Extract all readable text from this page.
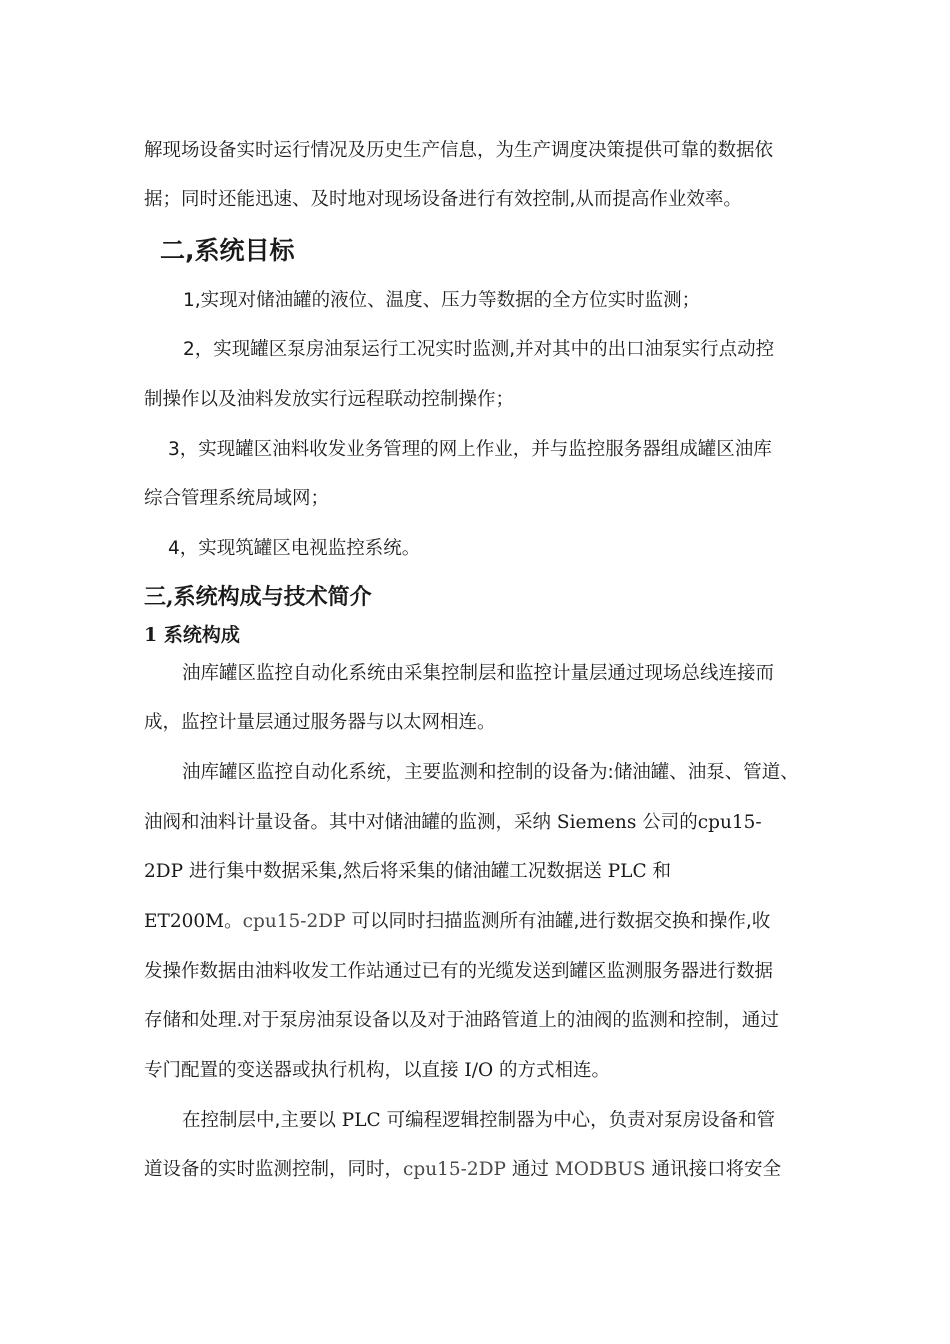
解现场设备实时运行情况及历史生产信息，为生产调度决策提供可靠的数据依
据；同时还能迅速、及时地对现场设备进行有效控制,从而提高作业效率。
二,系统目标
1,实现对储油罐的液位、温度、压力等数据的全方位实时监测；
2，实现罐区泵房油泵运行工况实时监测,并对其中的出口油泵实行点动控
制操作以及油料发放实行远程联动控制操作；
3，实现罐区油料收发业务管理的网上作业，并与监控服务器组成罐区油库
综合管理系统局域网；
4，实现筑罐区电视监控系统。
三,系统构成与技术简介
1 系统构成
油库罐区监控自动化系统由采集控制层和监控计量层通过现场总线连接而
成，监控计量层通过服务器与以太网相连。
油库罐区监控自动化系统，主要监测和控制的设备为:储油罐、油泵、管道、
油阀和油料计量设备。其中对储油罐的监测，采纳 Siemens 公司的cpu15-
2DP 进行集中数据采集,然后将采集的储油罐工况数据送 PLC 和
ET200M。cpu15-2DP 可以同时扫描监测所有油罐,进行数据交换和操作,收
发操作数据由油料收发工作站通过已有的光缆发送到罐区监测服务器进行数据
存储和处理.对于泵房油泵设备以及对于油路管道上的油阀的监测和控制，通过
专门配置的变送器或执行机构，以直接 I/O 的方式相连。
在控制层中,主要以 PLC 可编程逻辑控制器为中心，负责对泵房设备和管
道设备的实时监测控制，同时，cpu15-2DP 通过 MODBUS 通讯接口将安全
